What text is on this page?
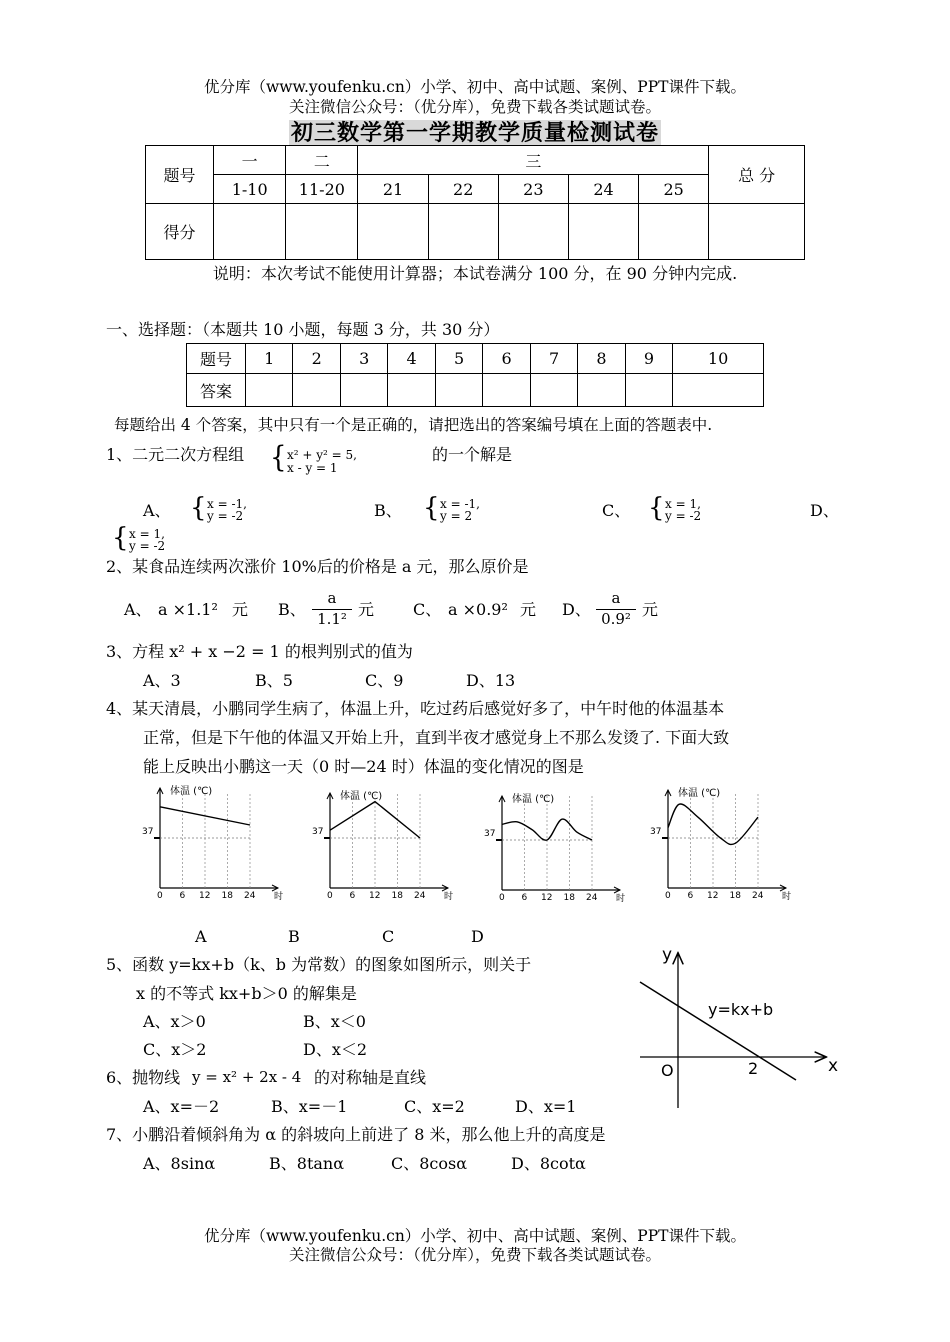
优分库（www.youfenku.cn）小学、初中、高中试题、案例、PPT课件下载。
关注微信公众号：（优分库），免费下载各类试题试卷。
初三数学第一学期教学质量检测试卷
题号	一	二	三					总 分
	1-10	11-20	21	22	23	24	25	
得分								
说明：本次考试不能使用计算器；本试卷满分 100 分，在 90 分钟内完成.
一、选择题：（本题共 10 小题，每题 3 分，共 30 分）
题号	1	2	3	4	5	6	7	8	9	10
答案										
每题给出 4 个答案，其中只有一个是正确的，请把选出的答案编号填在上面的答题表中.
1、二元二次方程组 { x² + y² = 5,
x - y = 1
的一个解是
A、 { x = -1,
y = -2	B、 { x = -1,
y = 2	C、 { x = 1,
y = -2	D、
{ x = 1,
y = -2
2、某食品连续两次涨价 10%后的价格是 a 元，那么原价是
A、 a ×1.1² 元 B、 $\frac{a}{\text{1.1²}}$ 元 C、 a ×0.9² 元 D、 $\frac{a}{\text{0.9²}}$ 元
3、方程 x² + x −2 = 1 的根判别式的值为
A、3	B、5	C、9	D、13
4、某天清晨，小鹏同学生病了，体温上升，吃过药后感觉好多了，中午时他的体温基本
正常，但是下午他的体温又开始上升，直到半夜才感觉身上不那么发烫了. 下面大致
能上反映出小鹏这一天（0 时—24 时）体温的变化情况的图是
37
体温 (℃)
0 6 12 18 24 时
37
体温 (℃)
0 6 12 18 24 时
37
体温 (℃)
0 6 12 18 24 时
37
体温 (℃)
0 6 12 18 24 时
A	B	C	D
5、函数 y=kx+b（k、b 为常数）的图象如图所示，则关于
x 的不等式 kx+b＞0 的解集是
A、x＞0	B、x＜0
C、x＞2	D、x＜2
y
x
O	2
y=kx+b
6、抛物线 y = x² + 2x - 4 的对称轴是直线
A、x=－2	B、x=－1	C、x=2	D、x=1
7、小鹏沿着倾斜角为 α 的斜坡向上前进了 8 米，那么他上升的高度是
A、8sinα	B、8tanα	C、8cosα	D、8cotα
优分库（www.youfenku.cn）小学、初中、高中试题、案例、PPT课件下载。
关注微信公众号：（优分库），免费下载各类试题试卷。
